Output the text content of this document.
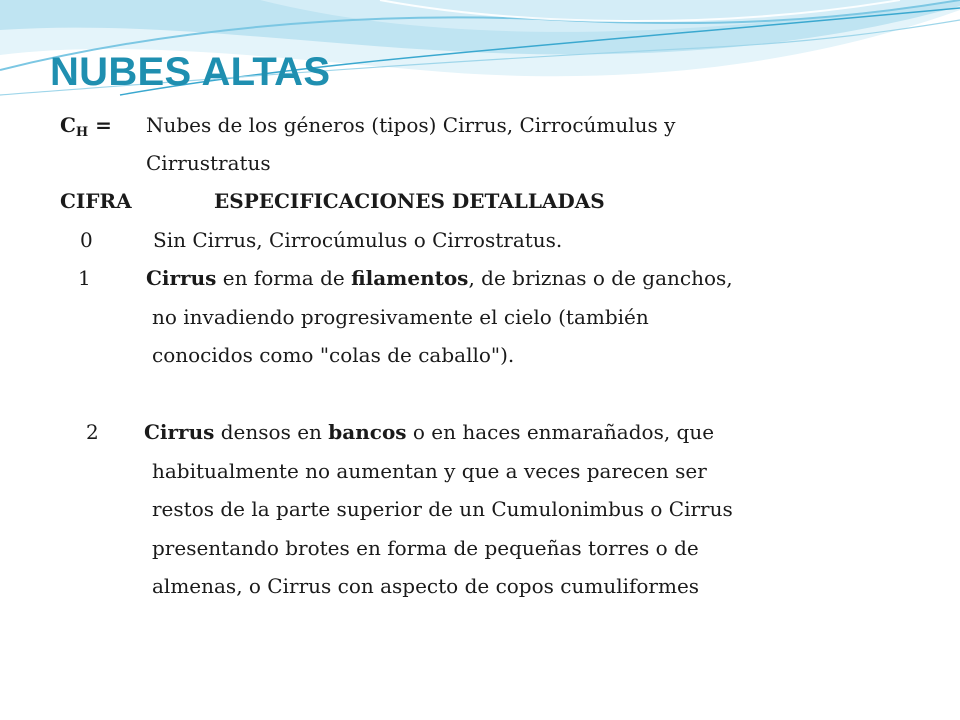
NUBES ALTAS
$C_H$ = Nubes de los géneros (tipos) Cirrus, Cirrocúmulus y
Cirrustratus
CIFRA	ESPECIFICACIONES DETALLADAS
0	Sin Cirrus, Cirrocúmulus o Cirrostratus.
1	Cirrus en forma de filamentos, de briznas o de ganchos,
no invadiendo progresivamente el cielo (también
conocidos como "colas de caballo").
2 Cirrus densos en bancos o en haces enmarañados, que
habitualmente no aumentan y que a veces parecen ser
restos de la parte superior de un Cumulonimbus o Cirrus
presentando brotes en forma de pequeñas torres o de
almenas, o Cirrus con aspecto de copos cumuliformes
